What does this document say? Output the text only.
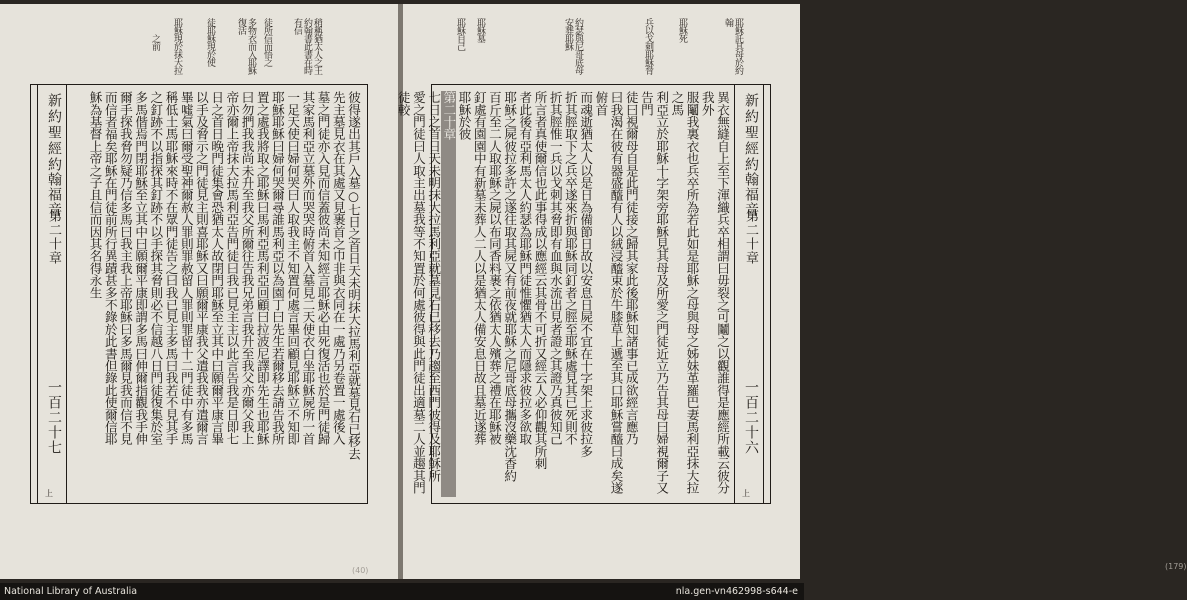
稍稱猶太人之王
約翰書此書在時有信
徒所信而悟之
多物衣而入耶穌復活
徒耶穌現於使
耶穌現於抹大拉
之前
新約聖經
約翰福音
第二十章
一百二十七
上
彼得遂出其戶入墓○七日之首日天未明抹大拉馬利亞就墓見石已移去
先主墓見衣在其處又見裹首之巾非與衣同在一處乃另卷置一處後入
墓之門徒亦入見而信蓋彼尚未知經言耶穌必由死復活也於是門徒歸
其家馬利亞立墓外而哭哭時俯首入墓見二天使衣白坐耶穌屍所一首
一足天使曰婦何哭曰人取我主不知置何處言畢回顧見耶穌立不知即
耶穌耶穌曰婦何哭爾尋誰馬利亞以為園丁曰先生若爾移去請告我所
置之處我將取之耶穌曰馬利亞馬利亞回顧曰拉波尼譯即先生也耶穌
曰勿捫我我尚未升至我父所爾往告我兄弟言我升至我父亦爾父我上
帝亦爾上帝抹大拉馬利亞告門徒曰我已見主主以此言告我是日即七
日之首日晚門徒集會恐猶太人故閉門耶穌至立其中曰願爾平康言畢
以手及脅示之門徒見主則喜耶穌又曰願爾平康我父遣我我亦遣爾言
畢噓氣曰爾受聖神爾赦人罪則罪赦留人罪則罪留十二門徒中有多馬
稱低土馬耶穌來時不在眾門徒告之曰我已見主多馬曰我若不見其手
之釘跡不以指探其釘跡不以手探其脅則必不信越八日門徒復集於室
多馬偕焉門閉耶穌至立其中曰願爾平康即謂多馬曰伸爾指觀我手伸
爾手探我脅勿疑乃信多馬曰我主我上帝耶穌曰多馬爾見我而信不見
而信者福矣耶穌在門徒前所行異蹟甚多不錄於此書但錄此使爾信耶
穌為基督上帝之子且信而因其名得永生
(40)
耶穌託其母於約翰
耶穌死
兵以戈刺耶穌脅
約瑟與尼哥底母安葬耶穌
耶穌墓
耶穌自己
新約聖經
約翰福音
第二十章
一百二十六
上
異衣無縫自上至下渾織兵卒相謂曰毋裂之可鬮之以觀誰得是應經所載云彼分我外
服鬮我裏衣也兵卒所為若此如是耶穌之母與母之姊妹革羅巴妻馬利亞抹大拉之馬
利亞立於耶穌十字架旁耶穌見其母及所愛之門徒近立乃告其母曰婦視爾子又告門
徒曰視爾母自是此門徒接之歸其家此後耶穌知諸事已成欲經言應乃
曰我渴在彼有器盛醯有人以絨浸醯束於牛膝草上遞至其口耶穌嘗醯曰成矣遂俯首
而魂逝猶太人以是日為備節日故以安息日屍不宜在十字架上求彼拉多
折其脛取下之兵卒遂來折與耶穌同釘者之脛至耶穌處見其已死則不
折其脛惟一兵以戈刺其脅即有血與水流出見者證之其證乃真彼知己
所言者真使爾信也此事得成以應經云其骨不可折又經云人必仰觀其所刺
者此後有亞利馬太人約瑟為耶穌門徒惟懼猶太人而隱求彼拉多欲取
耶穌之屍彼拉多許之遂往取其屍又有前夜就耶穌之尼哥底母攜沒藥沈香約
百斤至二人取耶穌之屍以布同香料裹之依猶太人殯葬之禮在耶穌被
釘處有園園中有新墓未葬人二人以是猶太人備安息日故且墓近遂葬
耶穌於彼
第二十章
七日之首日天未明抹大拉馬利亞就墓見石已移去乃趨至西門彼得及耶穌所
愛之門徒曰人取主出墓我等不知置於何處彼得與此門徒出適墓二人並趨其門徒較
(179)
National Library of Australia	nla.gen-vn462998-s644-e
